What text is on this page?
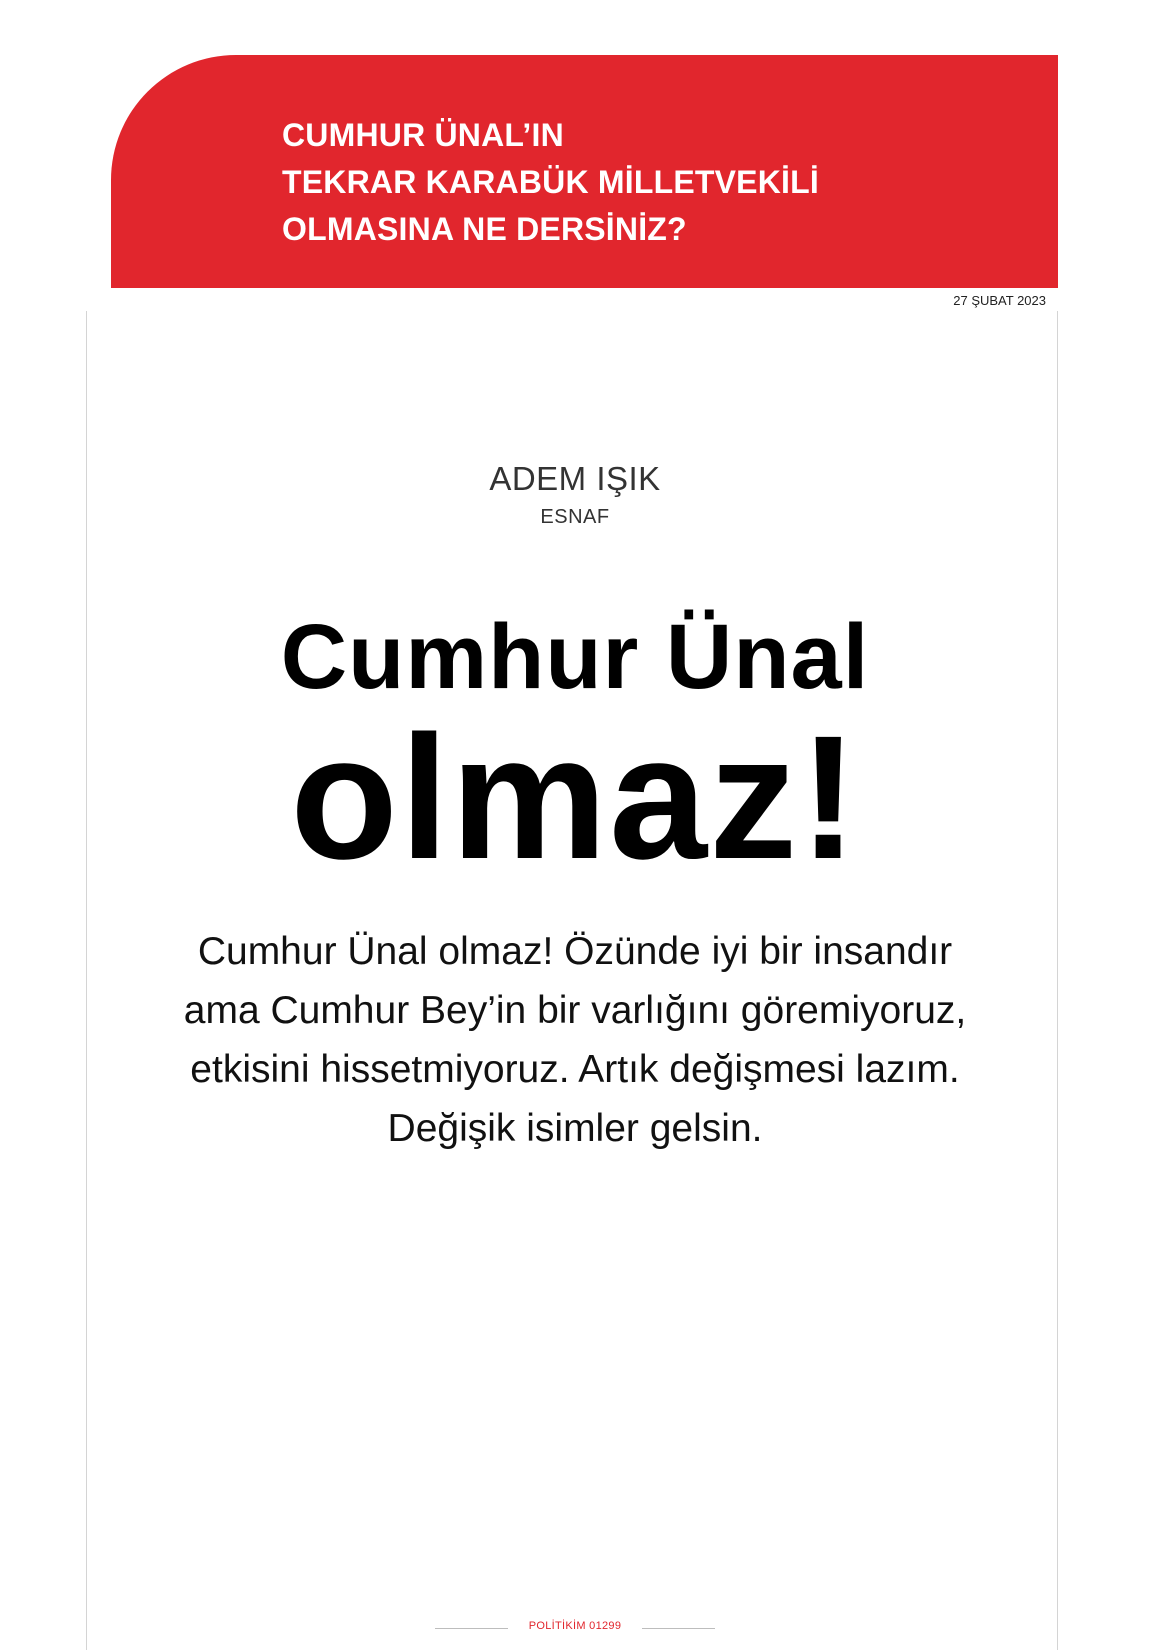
CUMHUR ÜNAL’IN
TEKRAR KARABÜK MİLLETVEKİLİ
OLMASINA NE DERSİNİZ?
27 ŞUBAT 2023
ADEM IŞIK
ESNAF
Cumhur Ünal
olmaz!

Cumhur Ünal olmaz! Özünde iyi bir insandır
ama Cumhur Bey’in bir varlığını göremiyoruz,
etkisini hissetmiyoruz. Artık değişmesi lazım.
Değişik isimler gelsin.

POLİTİKİM 01299
